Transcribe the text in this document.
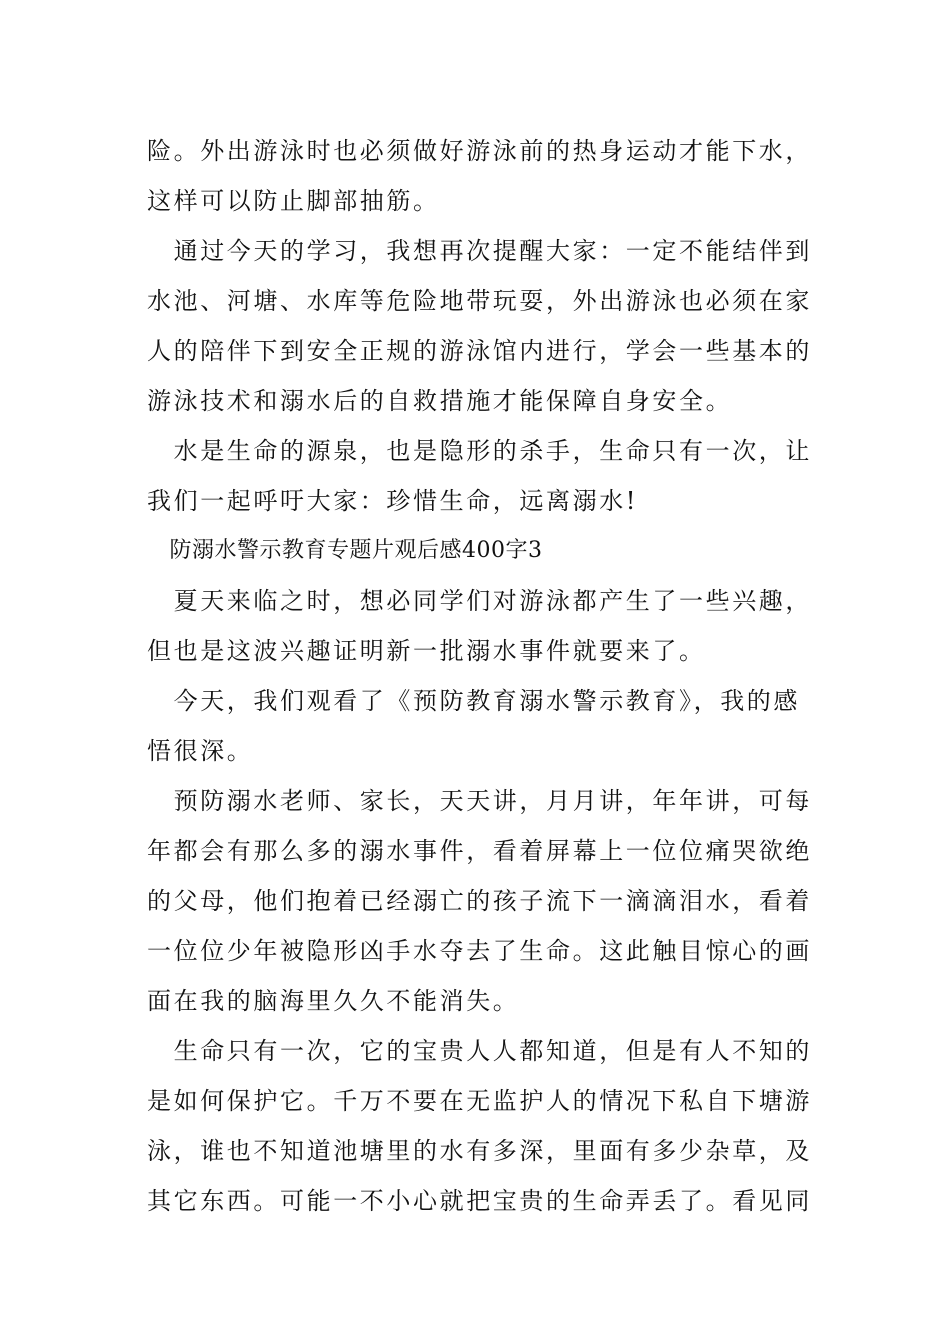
险。外出游泳时也必须做好游泳前的热身运动才能下水，
这样可以防止脚部抽筋。
　通过今天的学习，我想再次提醒大家：一定不能结伴到
水池、河塘、水库等危险地带玩耍，外出游泳也必须在家
人的陪伴下到安全正规的游泳馆内进行，学会一些基本的
游泳技术和溺水后的自救措施才能保障自身安全。
　水是生命的源泉，也是隐形的杀手，生命只有一次，让
我们一起呼吁大家：珍惜生命，远离溺水!
　防溺水警示教育专题片观后感400字3
　夏天来临之时，想必同学们对游泳都产生了一些兴趣，
但也是这波兴趣证明新一批溺水事件就要来了。
　今天，我们观看了《预防教育溺水警示教育》，我的感
悟很深。
　预防溺水老师、家长，天天讲，月月讲，年年讲，可每
年都会有那么多的溺水事件，看着屏幕上一位位痛哭欲绝
的父母，他们抱着已经溺亡的孩子流下一滴滴泪水，看着
一位位少年被隐形凶手水夺去了生命。这此触目惊心的画
面在我的脑海里久久不能消失。
　生命只有一次，它的宝贵人人都知道，但是有人不知的
是如何保护它。千万不要在无监护人的情况下私自下塘游
泳，谁也不知道池塘里的水有多深，里面有多少杂草，及
其它东西。可能一不小心就把宝贵的生命弄丢了。看见同
